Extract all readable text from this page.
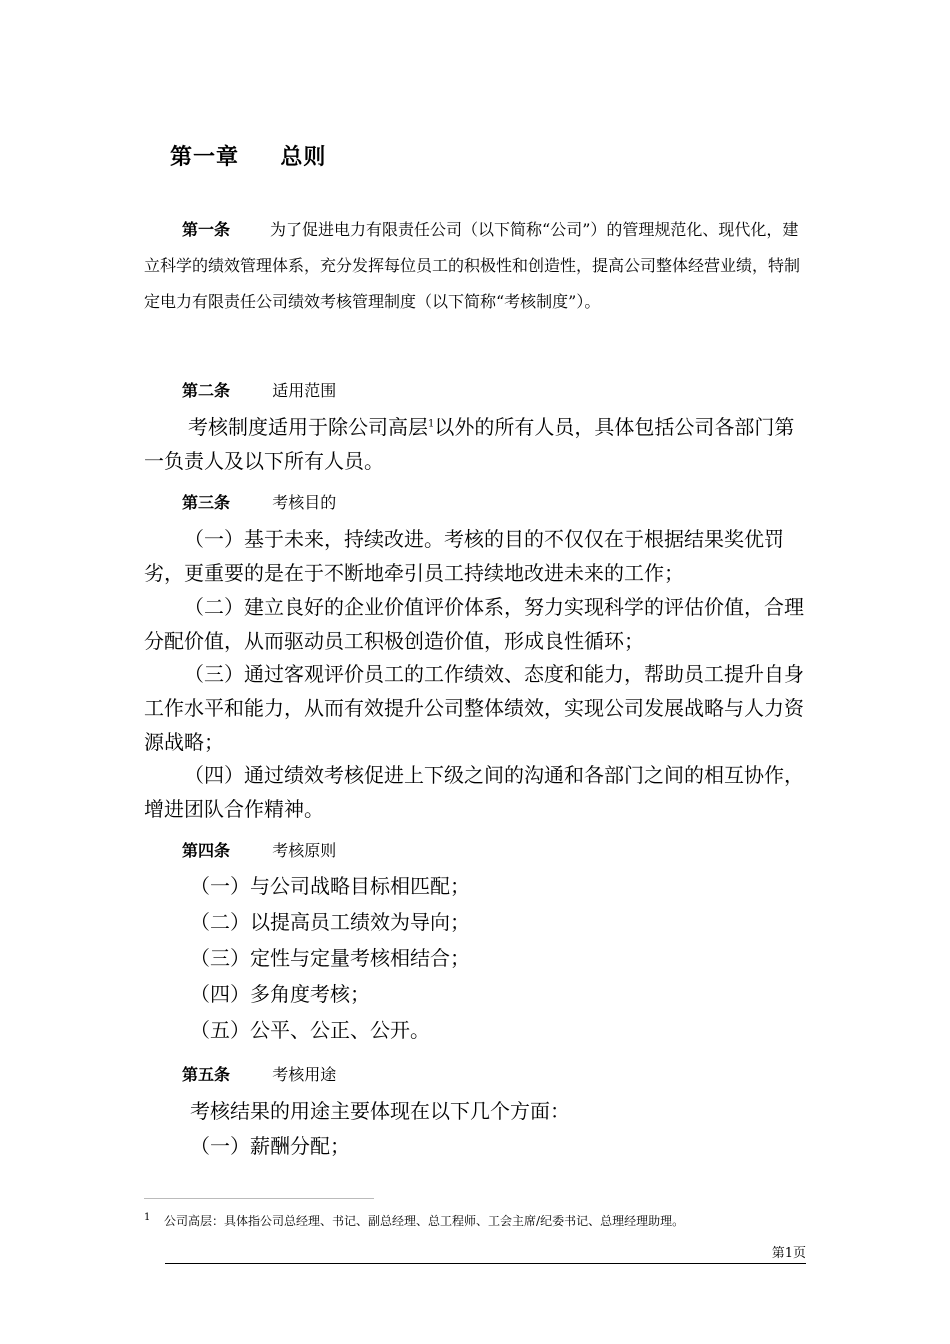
第一章 总则
第一条	为了促进电力有限责任公司（以下简称“公司”）的管理规范化、现代化，建立科学的绩效管理体系，充分发挥每位员工的积极性和创造性，提高公司整体经营业绩，特制定电力有限责任公司绩效考核管理制度（以下简称“考核制度”）。
第二条	适用范围
考核制度适用于除公司高层$^1$以外的所有人员，具体包括公司各部门第一负责人及以下所有人员。
第三条	考核目的
（一）基于未来，持续改进。考核的目的不仅仅在于根据结果奖优罚劣，更重要的是在于不断地牵引员工持续地改进未来的工作；
（二）建立良好的企业价值评价体系，努力实现科学的评估价值，合理分配价值，从而驱动员工积极创造价值，形成良性循环；
（三）通过客观评价员工的工作绩效、态度和能力，帮助员工提升自身工作水平和能力，从而有效提升公司整体绩效，实现公司发展战略与人力资源战略；
（四）通过绩效考核促进上下级之间的沟通和各部门之间的相互协作，增进团队合作精神。
第四条	考核原则
（一）与公司战略目标相匹配；
（二）以提高员工绩效为导向；
（三）定性与定量考核相结合；
（四）多角度考核；
（五）公平、公正、公开。
第五条	考核用途
考核结果的用途主要体现在以下几个方面：
（一）薪酬分配；
$^1$ 公司高层：具体指公司总经理、书记、副总经理、总工程师、工会主席/纪委书记、总理经理助理。
第1页
